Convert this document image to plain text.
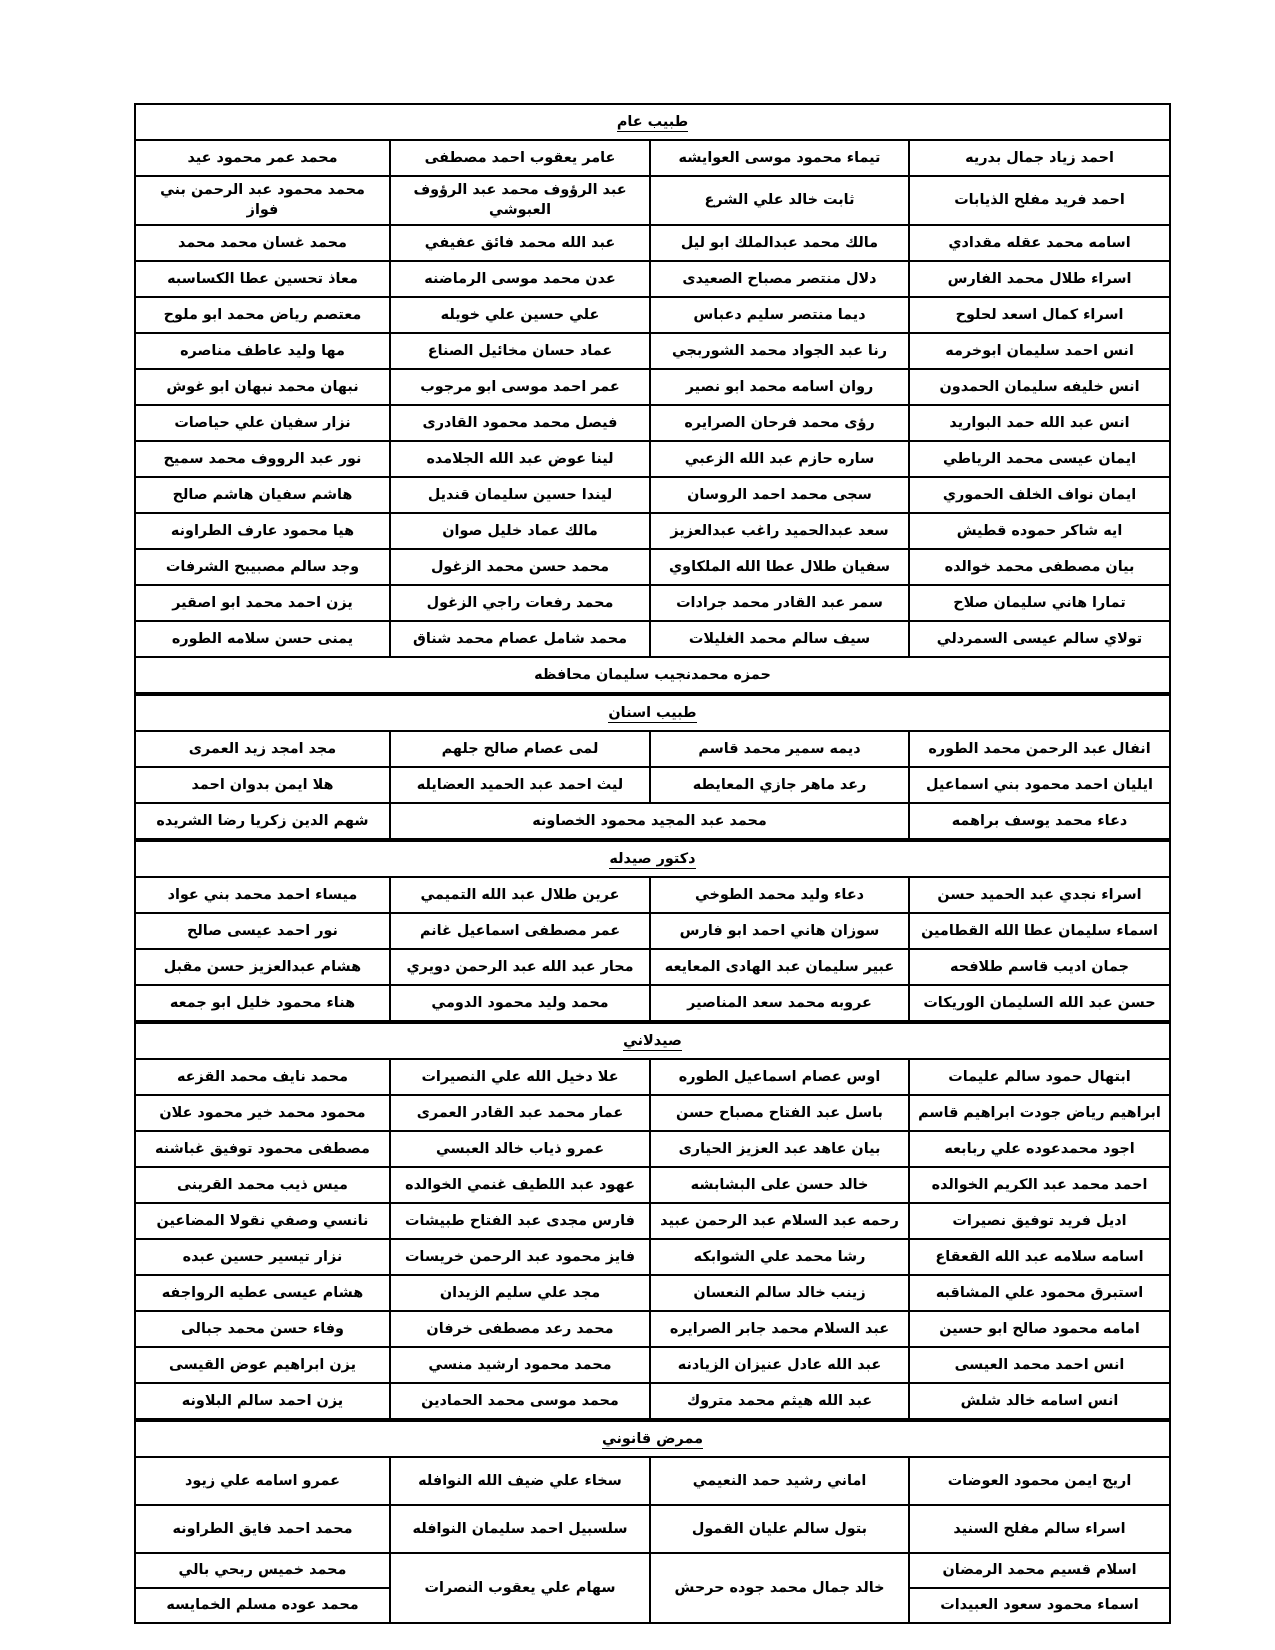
طبيب عام			
احمد زياد جمال بدريه	تيماء محمود موسى العوايشه	عامر يعقوب احمد مصطفى	محمد عمر محمود عيد
احمد فريد مفلح الذيابات	ثابت خالد علي الشرع	عبد الرؤوف محمد عبد الرؤوف العبوشي	محمد محمود عبد الرحمن بني فواز
اسامه محمد عقله مقدادي	مالك محمد عبدالملك ابو ليل	عبد الله محمد فائق عفيفي	محمد غسان محمد محمد
اسراء طلال محمد الفارس	دلال منتصر مصباح الصعيدى	عدن محمد موسى الرماضنه	معاذ تحسين عطا الكساسبه
اسراء كمال اسعد لحلوح	ديما منتصر سليم دعباس	علي حسين علي خويله	معتصم رياض محمد ابو ملوح
انس احمد سليمان ابوخرمه	رنا عبد الجواد محمد الشوربجي	عماد حسان مخائيل الصناع	مها وليد عاطف مناصره
انس خليفه سليمان الحمدون	روان اسامه محمد ابو نصير	عمر احمد موسى ابو مرجوب	نبهان محمد نبهان ابو غوش
انس عبد الله حمد البواريد	رؤى محمد فرحان الصرايره	فيصل محمد محمود القادرى	نزار سفيان علي حياصات
ايمان عيسى محمد الرياطي	ساره حازم عبد الله الزعبي	لينا عوض عبد الله الجلامده	نور عبد الرووف محمد سميح
ايمان نواف الخلف الحموري	سجى محمد احمد الروسان	ليندا حسين سليمان قنديل	هاشم سفيان هاشم صالح
ايه شاكر حموده قطيش	سعد عبدالحميد راغب عبدالعزيز	مالك عماد خليل صوان	هيا محمود عارف الطراونه
بيان مصطفى محمد خوالده	سفيان طلال عطا الله الملكاوي	محمد حسن محمد الزغول	وجد سالم مصبيبح الشرفات
تمارا هاني سليمان صلاح	سمر عبد القادر محمد جرادات	محمد رفعات راجي الزغول	يزن احمد محمد ابو اصقير
تولاي سالم عيسى السمردلي	سيف سالم محمد الغليلات	محمد شامل عصام محمد شناق	يمنى حسن سلامه الطوره
حمزه محمدنجيب سليمان محافظه			
طبيب اسنان			
انفال عبد الرحمن محمد الطوره	ديمه سمير محمد قاسم	لمى عصام صالح جلهم	مجد امجد زيد العمرى
ايليان احمد محمود بني اسماعيل	رعد ماهر جازي المعايطه	ليث احمد عبد الحميد العضايله	هلا ايمن بدوان احمد
دعاء محمد يوسف براهمه	محمد عبد المجيد محمود الخصاونه		شهم الدين زكريا رضا الشريده
دكتور صيدله			
اسراء نجدي عبد الحميد حسن	دعاء وليد محمد الطوخي	عرين طلال عبد الله التميمي	ميساء احمد محمد بني عواد
اسماء سليمان عطا الله القطامين	سوزان هاني احمد ابو فارس	عمر مصطفى اسماعيل غانم	نور احمد عيسى صالح
جمان اديب قاسم طلافحه	عبير سليمان عبد الهادى المعايعه	محار عبد الله عبد الرحمن دويري	هشام عبدالعزيز حسن مقبل
حسن عبد الله السليمان الوريكات	عروبه محمد سعد المناصير	محمد وليد محمود الدومي	هناء محمود خليل ابو جمعه
صيدلاني			
ابتهال حمود سالم عليمات	اوس عصام اسماعيل الطوره	علا دخيل الله علي النصيرات	محمد نايف محمد القزعه
ابراهيم رياض جودت ابراهيم قاسم	باسل عبد الفتاح مصباح حسن	عمار محمد عبد القادر العمرى	محمود محمد خير محمود علان
اجود محمدعوده علي ربابعه	بيان عاهد عبد العزيز الحيارى	عمرو ذياب خالد العبسي	مصطفى محمود توفيق غباشنه
احمد محمد عبد الكريم الخوالده	خالد حسن على البشابشه	عهود عبد اللطيف غنمي الخوالده	ميس ذيب محمد القرينى
اديل فريد توفيق نصيرات	رحمه عبد السلام عبد الرحمن عبيد	فارس مجدى عبد الفتاح طبيشات	نانسي وصفي نقولا المضاعين
اسامه سلامه عبد الله القعقاع	رشا محمد علي الشوابكه	فايز محمود عبد الرحمن خريسات	نزار تيسير حسين عبده
استبرق محمود علي المشاقبه	زينب خالد سالم النعسان	مجد علي سليم الزيدان	هشام عيسى عطيه الرواجفه
امامه محمود صالح ابو حسين	عبد السلام محمد جابر الصرايره	محمد رعد مصطفى خرفان	وفاء حسن محمد جبالى
انس احمد محمد العيسى	عبد الله عادل عنيزان الزيادنه	محمد محمود ارشيد منسي	يزن ابراهيم عوض القيسى
انس اسامه خالد شلش	عبد الله هيثم محمد متروك	محمد موسى محمد الحمادين	يزن احمد سالم البلاونه
ممرض قانوني			
اريج ايمن محمود العوضات	اماني رشيد حمد النعيمي	سخاء علي ضيف الله النوافله	عمرو اسامه علي زيود
اسراء سالم مفلح السنيد	بتول سالم عليان القمول	سلسبيل احمد سليمان النوافله	محمد احمد فايق الطراونه
اسلام قسيم محمد الرمضان	خالد جمال محمد جوده حرحش	سهام علي يعقوب النصرات	محمد خميس ربحي بالي
اسماء محمود سعود العبيدات			محمد عوده مسلم الخمايسه
